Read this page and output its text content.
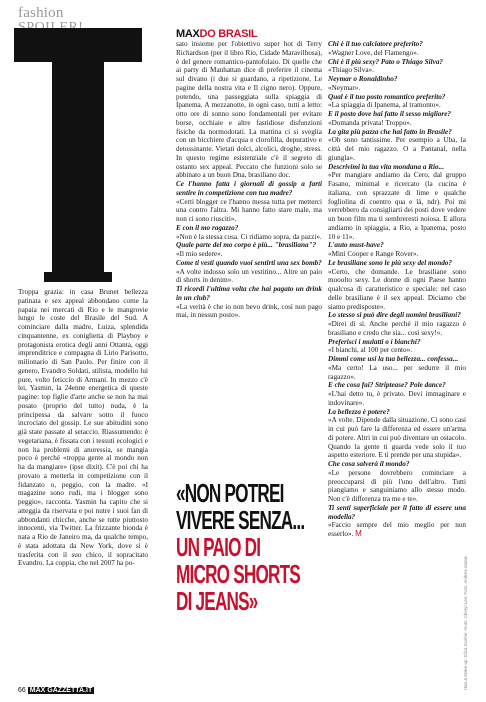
fashion

Troppa grazia: in casa Brunet bellezza patinata e sex appeal abbondano come la papaia nei mercati di Rio e le mangrovie lungo le coste del Brasile del Sud. A cominciare dalla madre, Luiza, splendida cinquantenne, ex coniglietta di Playboy e protagonista erotica degli anni Ottanta, oggi imprenditrice e compagna di Lirio Parisotto, milionario di San Paolo. Per finire con il genero, Evandro Soldati, stilista, modello lui pure, volto feticcio di Armani. In mezzo c'è lei, Yasmin, la 24enne energetica di queste pagine: top figlie d'arte anche se non ha mai posato (proprio del tutto) nuda, è la principessa da salvare sotto il fuoco incrociato del gossip. Le sue abitudini sono già state passate al setaccio. Riassumendo: è vegetariana, è fissata con i tessuti ecologici e non ha problemi di anoressia, se mangia poco è perché «troppa gente al mondo non ha da mangiare» (ipse dixit). C'è poi chi ha provato a metterla in competizione con il fidanzato o, peggio, con la madre. «I magazine sono rudi, ma i blogger sono peggio», racconta. Yasmin ha capito che si atteggia da riservata e poi nutre i suoi fan di abbondanti chicche, anche se tutte piuttosto innocenti, via Twitter. La frizzante bionda è nata a Rio de Janeiro ma, da qualche tempo, è stata adottata da New York, dove si è trasferita con il suo chico, il sopracitato Evandro. La coppia, che nel 2007 ha po-

MAXDO BRASIL

sato insieme per l'obiettivo super hot di Terry Richardson (per il libro Rio, Cidade Maravilhosa), è del genere romantico-pantofolaio. Di quelle che ai party di Manhattan dice di preferire il cinema sul divano (i due si guardano, a ripetizione, Le pagine della nostra vita e Il cigno nero). Oppure, potendo, una passeggiata sulla spiaggia di Ipanema. A mezzanotte, in ogni caso, tutti a letto: otto ore di sonno sono fondamentali per evitare borse, occhiaie e altre fastidiose disfunzioni fisiche da normodotati. La mattina ci si sveglia con un bicchiere d'acqua e clorofilla, depurativo e detossinante. Vietati dolci, alcolici, droghe, stress. In questo regime esistenziale c'è il segreto di ostanto sex appeal. Peccato che funzioni solo se abbinato a un buon Dna, brasiliano doc.

Ce l'hanno fatta i giornali di gossip a farti sentire in competizione con tua madre?

«Certi blogger ce l'hanno messa tutta per metterci una contro l'altra. Mi hanno fatto stare male, ma non ci sono riusciti».

E con il mo ragazzo?

«Non è la stessa cosa. Ci ridiamo sopra, da pazzi».

Quale parte del mo corpo è più... "brasiliana"?

«Il mio sedere».

Come ti vesti quando vuoi sentirti una sex bomb?

«A volte indosso solo un vestitino... Altre un paio di shorts in denim».

Ti ricordi l'ultima volta che hai pagato un drink in un club?

«La verità è che io non bevo drink, così non pago mai, in nessun posto».

Chi è il tuo calciatore preferito?

«Wagner Love, del Flamengo».

Chi è il più sexy? Pato o Thiago Silva?

«Thiago Silva».

Neymar o Ronaldinho?

«Neymar».

Qual è il tuo posto romantico preferito?

«La spiaggia di Ipanema, al tramonto».

E il posto dove hai fatto il sesso migliore?

«Domanda privata! Troppo».

La gita più pazza che hai fatto in Brasile?

«Oh sono tantissime. Per esempio a Uba, la città del mio ragazzo. O a Pantanal, nella giungla».

Descrivimi la tua vita mondana a Rio...

«Per mangiare andiamo da Cero, dal gruppo Fasano, minimal e ricercato (la cucina è italiana, con sprazzate di lime e qualche fogliolina di coentro qua e là, ndr). Poi mi verrebbero da consigliarti dei posti dove vedere un buon film ma ti sembreresti noiosa. E allora andiamo in spiaggia, a Rio, a Ipanema, posto 10 e 11».

L'auto must-have?

«Mini Cooper e Range Rover».

Le brasiliane sono le più sexy del mondo?

«Certo, che domande. Le brasiliane sono mooolto sexy. Le donne di ogni Paese hanno qualcosa di caratteristico e speciale: nel caso delle brasiliane è il sex appeal. Diciamo che siamo predisposte».

Lo stesso si può dire degli uomini brasiliani?

«Direi di sì. Anche perché il mio ragazzo è brasiliano e credo che sia... così sexy!».

Preferisci i mulatti o i bianchi?

«I bianchi, al 100 per cento».

Dimmi come usi la tua bellezza... confessa...

«Ma certo! La uso... per sedurre il mio ragazzo».

E che cosa fai? Striptease? Pole dance?

«L'hai detto tu, è privato. Devi immaginare e indovinare».

La bellezza è potere?

«A volte. Dipende dalla situazione. Ci sono casi in cui può fare la differenza ed essere un'arma di potere. Altri in cui può diventare un ostacolo. Quando la gente ti guarda vede solo il tuo aspetto esteriore. E ti prende per una stupida».

Che cosa salverà il mondo?

«Le persone dovrebbero cominciare a preoccuparsi di più l'uno dell'altro. Tutti piangiamo e sanguiniamo allo stesso modo. Non c'è differenza tra me e te».

Ti senti superficiale per il fatto di essere una modella?

«Faccio sempre del mio meglio per non esserlo». M

«NON POTREI
VIVERE SENZA...
UN PAIO DI
MICRO SHORTS
DI JEANS»	Hair & Make-up: Eliza Scobie; Aiuto: Cheryl Lee; Foto: Andrea Varani
66 MAX GAZZETTA.IT
